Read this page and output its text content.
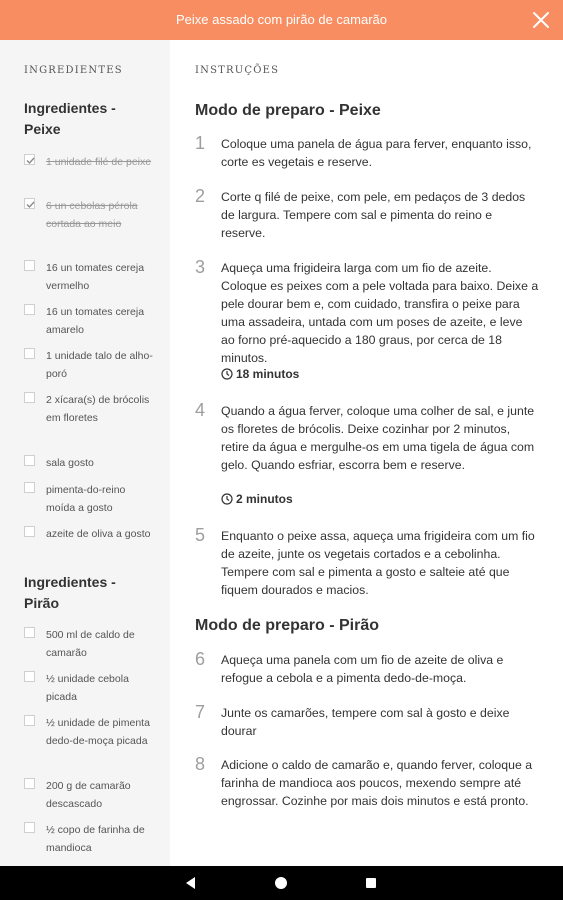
Peixe assado com pirão de camarão
INGREDIENTES
Ingredientes - Peixe
1 unidade filé de peixe
6 un cebolas pérola cortada ao meio
16 un tomates cereja vermelho
16 un tomates cereja amarelo
1 unidade talo de alho-poró
2 xícara(s) de brócolis em floretes
sala gosto
pimenta-do-reino moída a gosto
azeite de oliva a gosto
Ingredientes - Pirão
500 ml de caldo de camarão
½ unidade cebola picada
½ unidade de pimenta dedo-de-moça picada
200 g de camarão descascado
½ copo de farinha de mandioca
INSTRUÇÕES
Modo de preparo - Peixe
1 Coloque uma panela de água para ferver, enquanto isso, corte es vegetais e reserve.
2 Corte q filé de peixe, com pele, em pedaços de 3 dedos de largura. Tempere com sal e pimenta do reino e reserve.
3 Aqueça uma frigideira larga com um fio de azeite. Coloque es peixes com a pele voltada para baixo. Deixe a pele dourar bem e, com cuidado, transfira o peixe para uma assadeira, untada com um poses de azeite, e leve ao forno pré-aquecido a 180 graus, por cerca de 18 minutos.
18 minutos
4 Quando a água ferver, coloque uma colher de sal, e junte os floretes de brócolis. Deixe cozinhar por 2 minutos, retire da água e mergulhe-os em uma tigela de água com gelo. Quando esfriar, escorra bem e reserve.
2 minutos
5 Enquanto o peixe assa, aqueça uma frigideira com um fio de azeite, junte os vegetais cortados e a cebolinha. Tempere com sal e pimenta a gosto e salteie até que fiquem dourados e macios.
Modo de preparo - Pirão
6 Aqueça uma panela com um fio de azeite de oliva e refogue a cebola e a pimenta dedo-de-moça.
7 Junte os camarões, tempere com sal à gosto e deixe dourar
8 Adicione o caldo de camarão e, quando ferver, coloque a farinha de mandioca aos poucos, mexendo sempre até engrossar. Cozinhe por mais dois minutos e está pronto.
